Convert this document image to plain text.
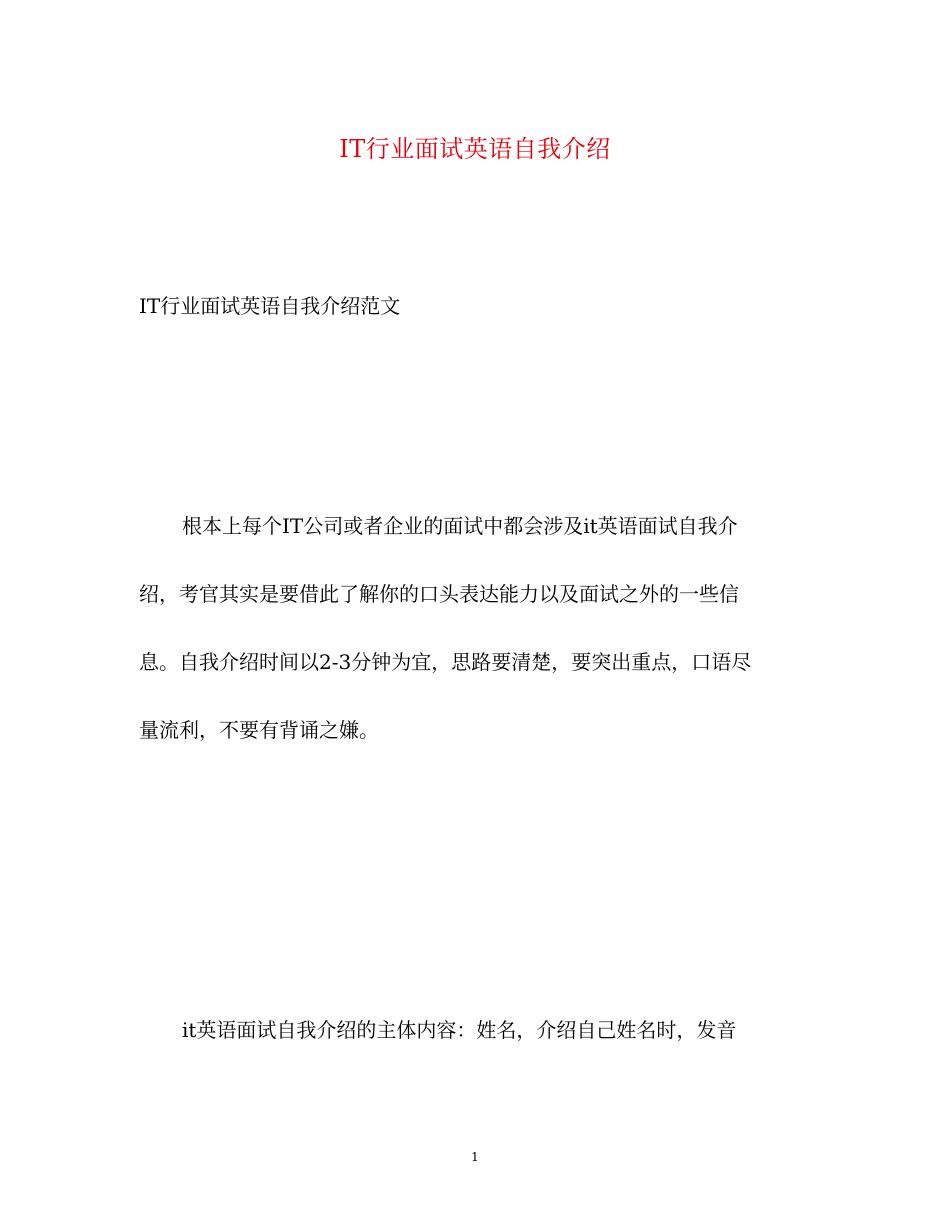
IT行业面试英语自我介绍
IT行业面试英语自我介绍范文
根本上每个IT公司或者企业的面试中都会涉及it英语面试自我介
绍，考官其实是要借此了解你的口头表达能力以及面试之外的一些信
息。自我介绍时间以2-3分钟为宜，思路要清楚，要突出重点，口语尽
量流利，不要有背诵之嫌。
it英语面试自我介绍的主体内容：姓名，介绍自己姓名时，发音
1
